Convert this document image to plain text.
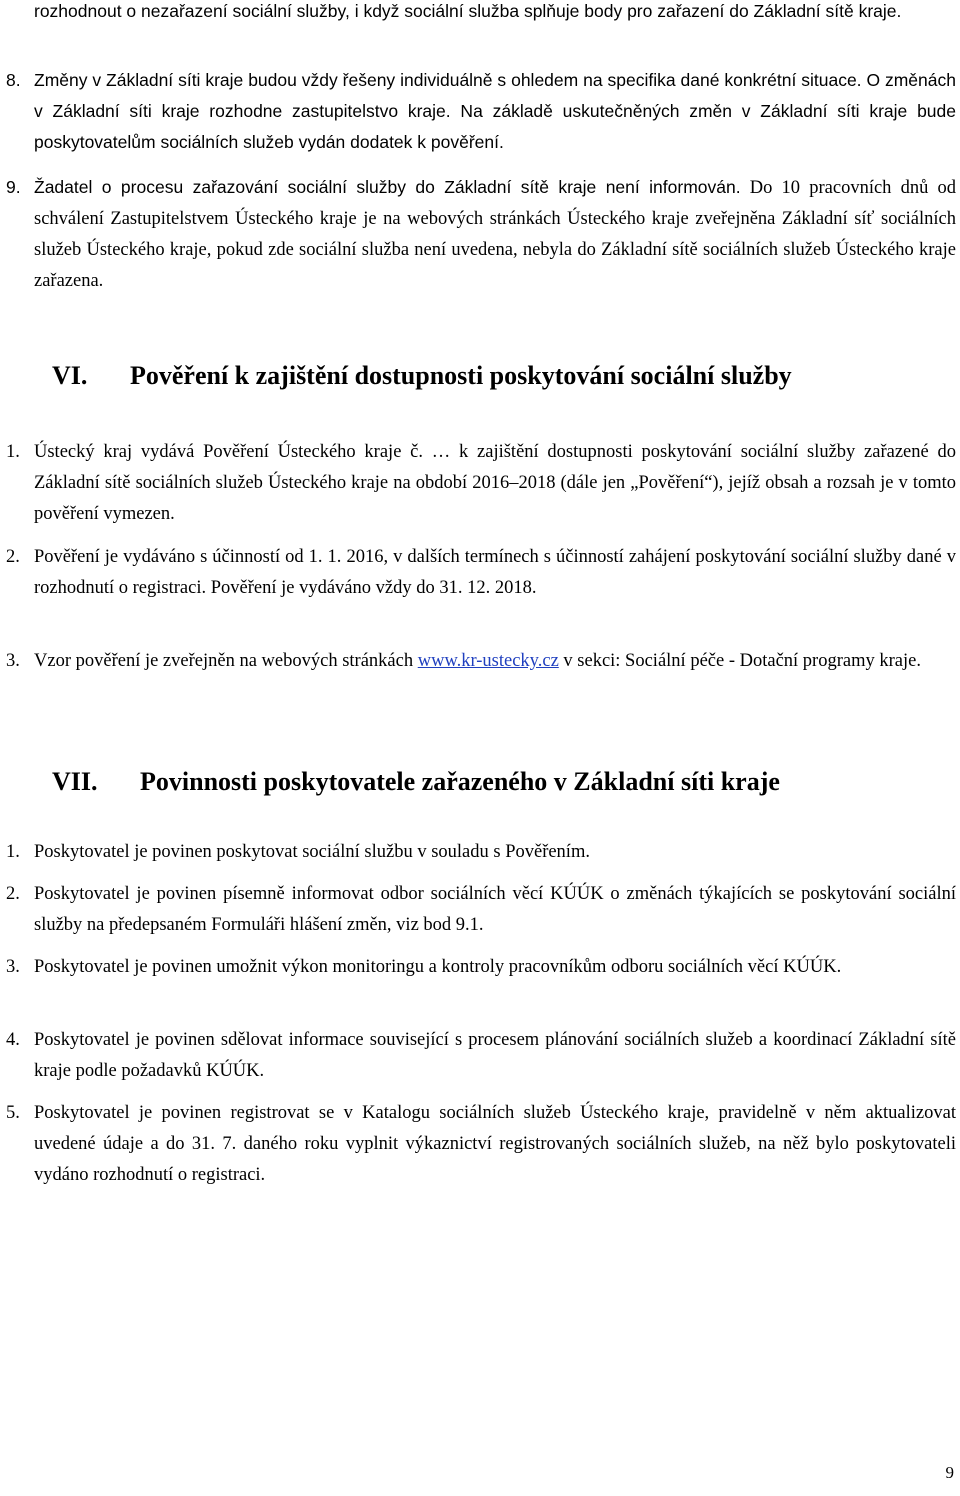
rozhodnout o nezařazení sociální služby, i když sociální služba splňuje body pro zařazení do Základní sítě kraje.

8. Změny v Základní síti kraje budou vždy řešeny individuálně s ohledem na specifika dané konkrétní situace. O změnách v Základní síti kraje rozhodne zastupitelstvo kraje. Na základě uskutečněných změn v Základní síti kraje bude poskytovatelům sociálních služeb vydán dodatek k pověření.
9. Žadatel o procesu zařazování sociální služby do Základní sítě kraje není informován. Do 10 pracovních dnů od schválení Zastupitelstvem Ústeckého kraje je na webových stránkách Ústeckého kraje zveřejněna Základní síť sociálních služeb Ústeckého kraje, pokud zde sociální služba není uvedena, nebyla do Základní sítě sociálních služeb Ústeckého kraje zařazena.
VI. Pověření k zajištění dostupnosti poskytování sociální služby
1. Ústecký kraj vydává Pověření Ústeckého kraje č. … k zajištění dostupnosti poskytování sociální služby zařazené do Základní sítě sociálních služeb Ústeckého kraje na období 2016–2018 (dále jen „Pověření“), jejíž obsah a rozsah je v tomto pověření vymezen.
2. Pověření je vydáváno s účinností od 1. 1. 2016, v dalších termínech s účinností zahájení poskytování sociální služby dané v rozhodnutí o registraci. Pověření je vydáváno vždy do 31. 12. 2018.
3. Vzor pověření je zveřejněn na webových stránkách www.kr-ustecky.cz v sekci: Sociální péče - Dotační programy kraje.
VII. Povinnosti poskytovatele zařazeného v Základní síti kraje
1. Poskytovatel je povinen poskytovat sociální službu v souladu s Pověřením.
2. Poskytovatel je povinen písemně informovat odbor sociálních věcí KÚÚK o změnách týkajících se poskytování sociální služby na předepsaném Formuláři hlášení změn, viz bod 9.1.
3. Poskytovatel je povinen umožnit výkon monitoringu a kontroly pracovníkům odboru sociálních věcí KÚÚK.
4. Poskytovatel je povinen sdělovat informace související s procesem plánování sociálních služeb a koordinací Základní sítě kraje podle požadavků KÚÚK.
5. Poskytovatel je povinen registrovat se v Katalogu sociálních služeb Ústeckého kraje, pravidelně v něm aktualizovat uvedené údaje a do 31. 7. daného roku vyplnit výkaznictví registrovaných sociálních služeb, na něž bylo poskytovateli vydáno rozhodnutí o registraci.
9
